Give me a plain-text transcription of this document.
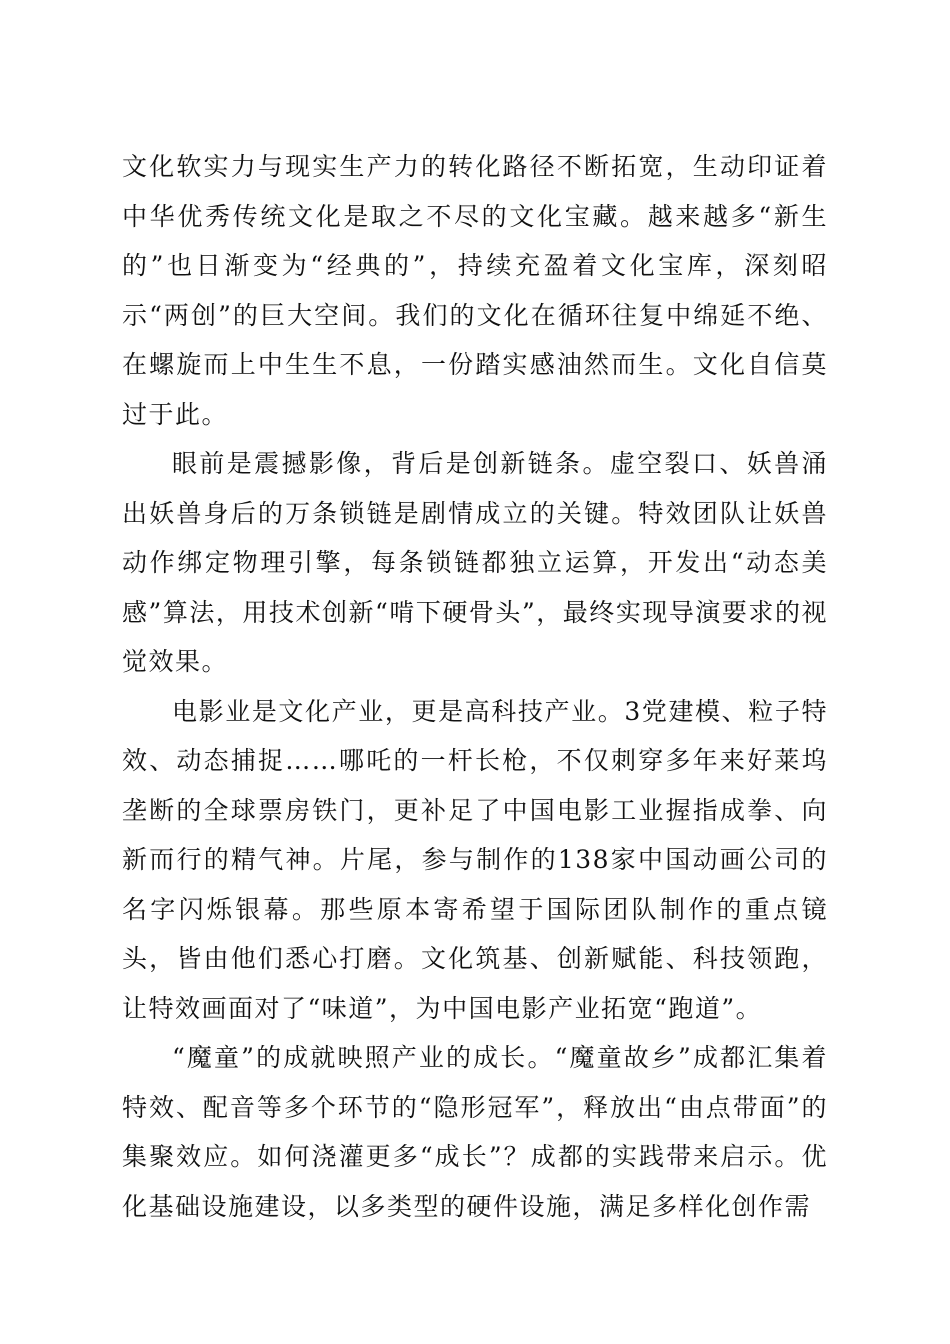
文化软实力与现实生产力的转化路径不断拓宽，生动印证着中华优秀传统文化是取之不尽的文化宝藏。越来越多“新生的”也日渐变为“经典的”，持续充盈着文化宝库，深刻昭示“两创”的巨大空间。我们的文化在循环往复中绵延不绝、在螺旋而上中生生不息，一份踏实感油然而生。文化自信莫过于此。

眼前是震撼影像，背后是创新链条。虚空裂口、妖兽涌出妖兽身后的万条锁链是剧情成立的关键。特效团队让妖兽动作绑定物理引擎，每条锁链都独立运算，开发出“动态美感”算法，用技术创新“啃下硬骨头”，最终实现导演要求的视觉效果。

电影业是文化产业，更是高科技产业。3党建模、粒子特效、动态捕捉……哪吒的一杆长枪，不仅刺穿多年来好莱坞垄断的全球票房铁门，更补足了中国电影工业握指成拳、向新而行的精气神。片尾，参与制作的138家中国动画公司的名字闪烁银幕。那些原本寄希望于国际团队制作的重点镜头，皆由他们悉心打磨。文化筑基、创新赋能、科技领跑，让特效画面对了“味道”，为中国电影产业拓宽“跑道”。

“魔童”的成就映照产业的成长。“魔童故乡”成都汇集着特效、配音等多个环节的“隐形冠军”，释放出“由点带面”的集聚效应。如何浇灌更多“成长”？成都的实践带来启示。优化基础设施建设，以多类型的硬件设施，满足多样化创作需
